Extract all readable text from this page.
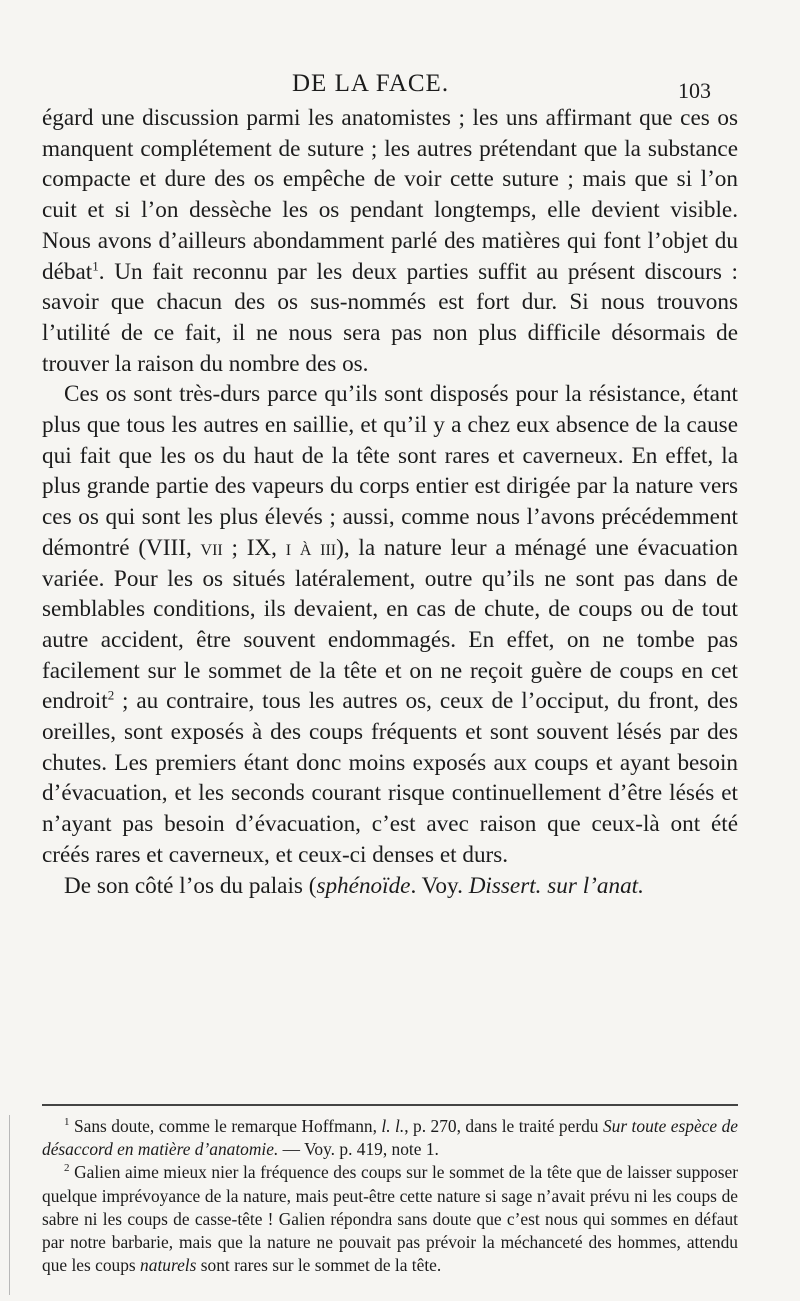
DE LA FACE.	103

égard une discussion parmi les anatomistes ; les uns affirmant que ces os manquent complétement de suture ; les autres prétendant que la substance compacte et dure des os empêche de voir cette suture ; mais que si l’on cuit et si l’on dessèche les os pendant longtemps, elle devient visible. Nous avons d’ailleurs abondamment parlé des matières qui font l’objet du débat$^1$. Un fait reconnu par les deux parties suffit au présent discours : savoir que chacun des os sus-nommés est fort dur. Si nous trouvons l’utilité de ce fait, il ne nous sera pas non plus difficile désormais de trouver la raison du nombre des os.

Ces os sont très-durs parce qu’ils sont disposés pour la résistance, étant plus que tous les autres en saillie, et qu’il y a chez eux absence de la cause qui fait que les os du haut de la tête sont rares et caverneux. En effet, la plus grande partie des vapeurs du corps entier est dirigée par la nature vers ces os qui sont les plus élevés ; aussi, comme nous l’avons précédemment démontré (VIII, vii ; IX, i à iii), la nature leur a ménagé une évacuation variée. Pour les os situés latéralement, outre qu’ils ne sont pas dans de semblables conditions, ils devaient, en cas de chute, de coups ou de tout autre accident, être souvent endommagés. En effet, on ne tombe pas facilement sur le sommet de la tête et on ne reçoit guère de coups en cet endroit$^2$ ; au contraire, tous les autres os, ceux de l’occiput, du front, des oreilles, sont exposés à des coups fréquents et sont souvent lésés par des chutes. Les premiers étant donc moins exposés aux coups et ayant besoin d’évacuation, et les seconds courant risque continuellement d’être lésés et n’ayant pas besoin d’évacuation, c’est avec raison que ceux-là ont été créés rares et caverneux, et ceux-ci denses et durs.

De son côté l’os du palais (sphénoïde. Voy. Dissert. sur l’anat.

$^1$ Sans doute, comme le remarque Hoffmann, l. l., p. 270, dans le traité perdu Sur toute espèce de désaccord en matière d’anatomie. — Voy. p. 419, note 1.

$^2$ Galien aime mieux nier la fréquence des coups sur le sommet de la tête que de laisser supposer quelque imprévoyance de la nature, mais peut-être cette nature si sage n’avait prévu ni les coups de sabre ni les coups de casse-tête ! Galien répondra sans doute que c’est nous qui sommes en défaut par notre barbarie, mais que la nature ne pouvait pas prévoir la méchanceté des hommes, attendu que les coups naturels sont rares sur le sommet de la tête.
